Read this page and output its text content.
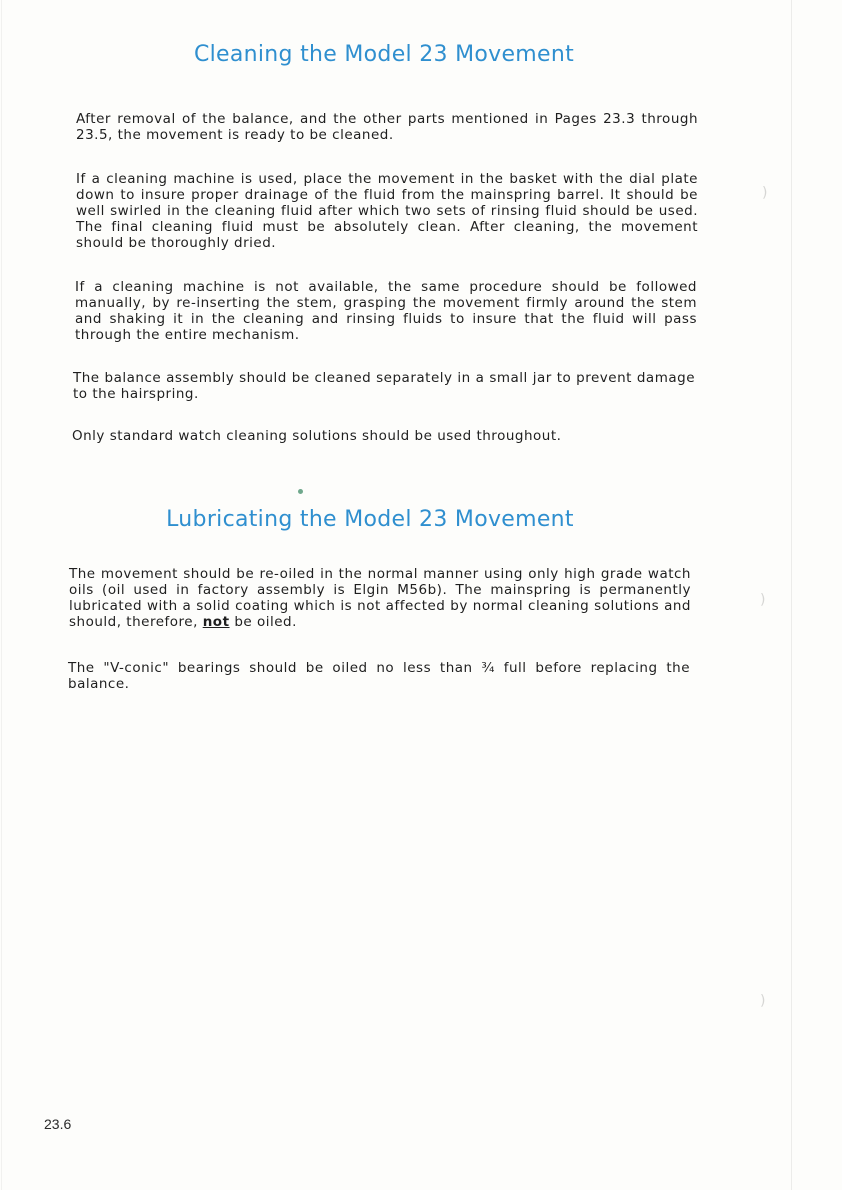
Cleaning the Model 23 Movement

After removal of the balance, and the other parts mentioned in Pages 23.3 through 23.5, the movement is ready to be cleaned.

If a cleaning machine is used, place the movement in the basket with the dial plate down to insure proper drainage of the fluid from the mainspring barrel. It should be well swirled in the cleaning fluid after which two sets of rinsing fluid should be used. The final cleaning fluid must be absolutely clean. After cleaning, the movement should be thoroughly dried.

If a cleaning machine is not available, the same procedure should be followed manually, by re-inserting the stem, grasping the movement firmly around the stem and shaking it in the cleaning and rinsing fluids to insure that the fluid will pass through the entire mechanism.

The balance assembly should be cleaned separately in a small jar to prevent damage to the hairspring.

Only standard watch cleaning solutions should be used throughout.

Lubricating the Model 23 Movement

The movement should be re-oiled in the normal manner using only high grade watch oils (oil used in factory assembly is Elgin M56b). The mainspring is permanently lubricated with a solid coating which is not affected by normal cleaning solutions and should, therefore, not be oiled.

The "V-conic" bearings should be oiled no less than ¾ full before replacing the balance.

23.6
)
)
)
